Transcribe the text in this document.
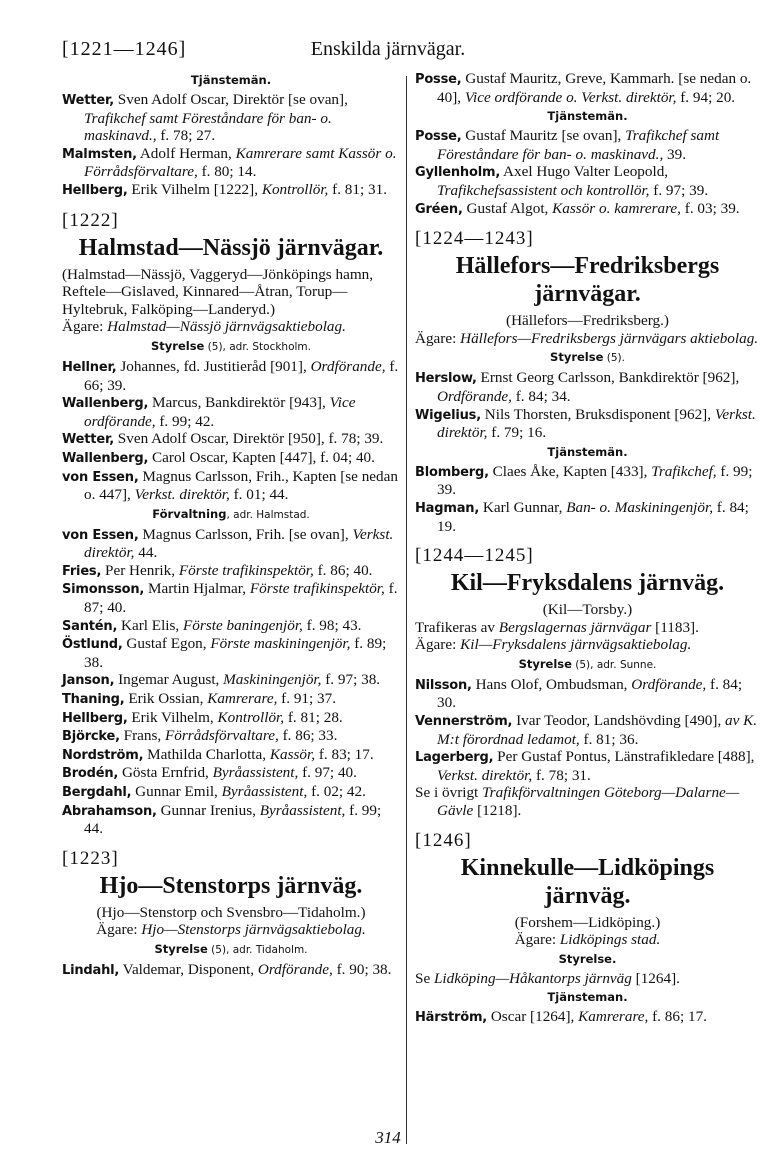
[1221—1246]	Enskilda järnvägar.
Tjänstemän.

Wetter, Sven Adolf Oscar, Direktör [se ovan], Trafikchef samt Föreståndare för ban- o. maskinavd., f. 78; 27.

Malmsten, Adolf Herman, Kamrerare samt Kassör o. Förrådsförvaltare, f. 80; 14.

Hellberg, Erik Vilhelm [1222], Kontrollör, f. 81; 31.

[1222]
Halmstad—Nässjö järnvägar.

(Halmstad—Nässjö, Vaggeryd—Jönköpings hamn, Reftele—Gislaved, Kinnared—Åtran, Torup—Hyltebruk, Falköping—Landeryd.)

Ägare: Halmstad—Nässjö järnvägsaktiebolag.

Styrelse (5), adr. Stockholm.

Hellner, Johannes, fd. Justitieråd [901], Ordförande, f. 66; 39.

Wallenberg, Marcus, Bankdirektör [943], Vice ordförande, f. 99; 42.

Wetter, Sven Adolf Oscar, Direktör [950], f. 78; 39.

Wallenberg, Carol Oscar, Kapten [447], f. 04; 40.

von Essen, Magnus Carlsson, Frih., Kapten [se nedan o. 447], Verkst. direktör, f. 01; 44.

Förvaltning, adr. Halmstad.

von Essen, Magnus Carlsson, Frih. [se ovan], Verkst. direktör, 44.

Fries, Per Henrik, Förste trafikinspektör, f. 86; 40.

Simonsson, Martin Hjalmar, Förste trafikinspektör, f. 87; 40.

Santén, Karl Elis, Förste baningenjör, f. 98; 43.

Östlund, Gustaf Egon, Förste maskiningenjör, f. 89; 38.

Janson, Ingemar August, Maskiningenjör, f. 97; 38.

Thaning, Erik Ossian, Kamrerare, f. 91; 37.

Hellberg, Erik Vilhelm, Kontrollör, f. 81; 28.

Björcke, Frans, Förrådsförvaltare, f. 86; 33.

Nordström, Mathilda Charlotta, Kassör, f. 83; 17.

Brodén, Gösta Ernfrid, Byråassistent, f. 97; 40.

Bergdahl, Gunnar Emil, Byråassistent, f. 02; 42.

Abrahamson, Gunnar Irenius, Byråassistent, f. 99; 44.

[1223]
Hjo—Stenstorps järnväg.

(Hjo—Stenstorp och Svensbro—Tidaholm.)

Ägare: Hjo—Stenstorps järnvägsaktiebolag.

Styrelse (5), adr. Tidaholm.

Lindahl, Valdemar, Disponent, Ordförande, f. 90; 38.

Posse, Gustaf Mauritz, Greve, Kammarh. [se nedan o. 40], Vice ordförande o. Verkst. direktör, f. 94; 20.

Tjänstemän.

Posse, Gustaf Mauritz [se ovan], Trafikchef samt Föreståndare för ban- o. maskinavd., 39.

Gyllenholm, Axel Hugo Valter Leopold, Trafikchefsassistent och kontrollör, f. 97; 39.

Gréen, Gustaf Algot, Kassör o. kamrerare, f. 03; 39.

[1224—1243]
Hällefors—Fredriksbergs järnvägar.

(Hällefors—Fredriksberg.)

Ägare: Hällefors—Fredriksbergs järnvägars aktiebolag.

Styrelse (5).

Herslow, Ernst Georg Carlsson, Bankdirektör [962], Ordförande, f. 84; 34.

Wigelius, Nils Thorsten, Bruksdisponent [962], Verkst. direktör, f. 79; 16.

Tjänstemän.

Blomberg, Claes Åke, Kapten [433], Trafikchef, f. 99; 39.

Hagman, Karl Gunnar, Ban- o. Maskiningenjör, f. 84; 19.

[1244—1245]
Kil—Fryksdalens järnväg.

(Kil—Torsby.)

Trafikeras av Bergslagernas järnvägar [1183].

Ägare: Kil—Fryksdalens järnvägsaktiebolag.

Styrelse (5), adr. Sunne.

Nilsson, Hans Olof, Ombudsman, Ordförande, f. 84; 30.

Vennerström, Ivar Teodor, Landshövding [490], av K. M:t förordnad ledamot, f. 81; 36.

Lagerberg, Per Gustaf Pontus, Länstrafikledare [488], Verkst. direktör, f. 78; 31.

Se i övrigt Trafikförvaltningen Göteborg—Dalarne—Gävle [1218].

[1246]
Kinnekulle—Lidköpings järnväg.

(Forshem—Lidköping.)

Ägare: Lidköpings stad.

Styrelse.

Se Lidköping—Håkantorps järnväg [1264].

Tjänsteman.

Härström, Oscar [1264], Kamrerare, f. 86; 17.

314
